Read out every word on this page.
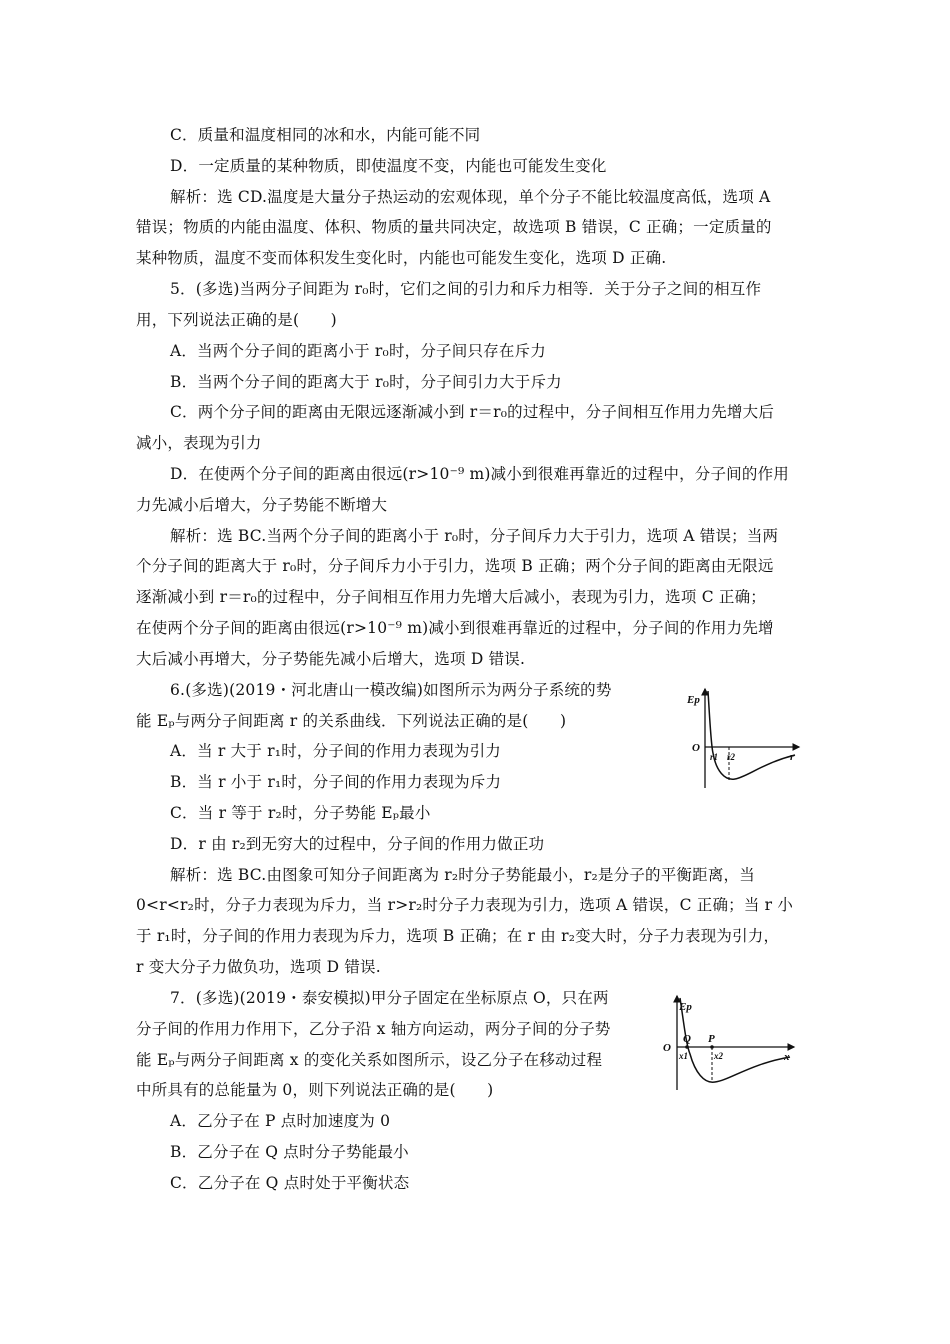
C．质量和温度相同的冰和水，内能可能不同
D．一定质量的某种物质，即使温度不变，内能也可能发生变化
解析：选 CD.温度是大量分子热运动的宏观体现，单个分子不能比较温度高低，选项 A
错误；物质的内能由温度、体积、物质的量共同决定，故选项 B 错误，C 正确；一定质量的
某种物质，温度不变而体积发生变化时，内能也可能发生变化，选项 D 正确.
5．(多选)当两分子间距为 r₀时，它们之间的引力和斥力相等．关于分子之间的相互作
用，下列说法正确的是(　　)
A．当两个分子间的距离小于 r₀时，分子间只存在斥力
B．当两个分子间的距离大于 r₀时，分子间引力大于斥力
C．两个分子间的距离由无限远逐渐减小到 r＝r₀的过程中，分子间相互作用力先增大后
减小，表现为引力
D．在使两个分子间的距离由很远(r>10⁻⁹ m)减小到很难再靠近的过程中，分子间的作用
力先减小后增大，分子势能不断增大
解析：选 BC.当两个分子间的距离小于 r₀时，分子间斥力大于引力，选项 A 错误；当两
个分子间的距离大于 r₀时，分子间斥力小于引力，选项 B 正确；两个分子间的距离由无限远
逐渐减小到 r＝r₀的过程中，分子间相互作用力先增大后减小，表现为引力，选项 C 正确；
在使两个分子间的距离由很远(r>10⁻⁹ m)减小到很难再靠近的过程中，分子间的作用力先增
大后减小再增大，分子势能先减小后增大，选项 D 错误.
6.(多选)(2019・河北唐山一模改编)如图所示为两分子系统的势
能 Eₚ与两分子间距离 r 的关系曲线．下列说法正确的是(　　)
A．当 r 大于 r₁时，分子间的作用力表现为引力
B．当 r 小于 r₁时，分子间的作用力表现为斥力
C．当 r 等于 r₂时，分子势能 Eₚ最小
D．r 由 r₂到无穷大的过程中，分子间的作用力做正功
解析：选 BC.由图象可知分子间距离为 r₂时分子势能最小，r₂是分子的平衡距离，当
0<r<r₂时，分子力表现为斥力，当 r>r₂时分子力表现为引力，选项 A 错误，C 正确；当 r 小
于 r₁时，分子间的作用力表现为斥力，选项 B 正确；在 r 由 r₂变大时，分子力表现为引力，
r 变大分子力做负功，选项 D 错误.
7．(多选)(2019・泰安模拟)甲分子固定在坐标原点 O，只在两
分子间的作用力作用下，乙分子沿 x 轴方向运动，两分子间的分子势
能 Eₚ与两分子间距离 x 的变化关系如图所示，设乙分子在移动过程
中所具有的总能量为 0，则下列说法正确的是(　　)
A．乙分子在 P 点时加速度为 0
B．乙分子在 Q 点时分子势能最小
C．乙分子在 Q 点时处于平衡状态
Ep
O
r
r1 r2
Ep
O
x
Q P
x1	x2
